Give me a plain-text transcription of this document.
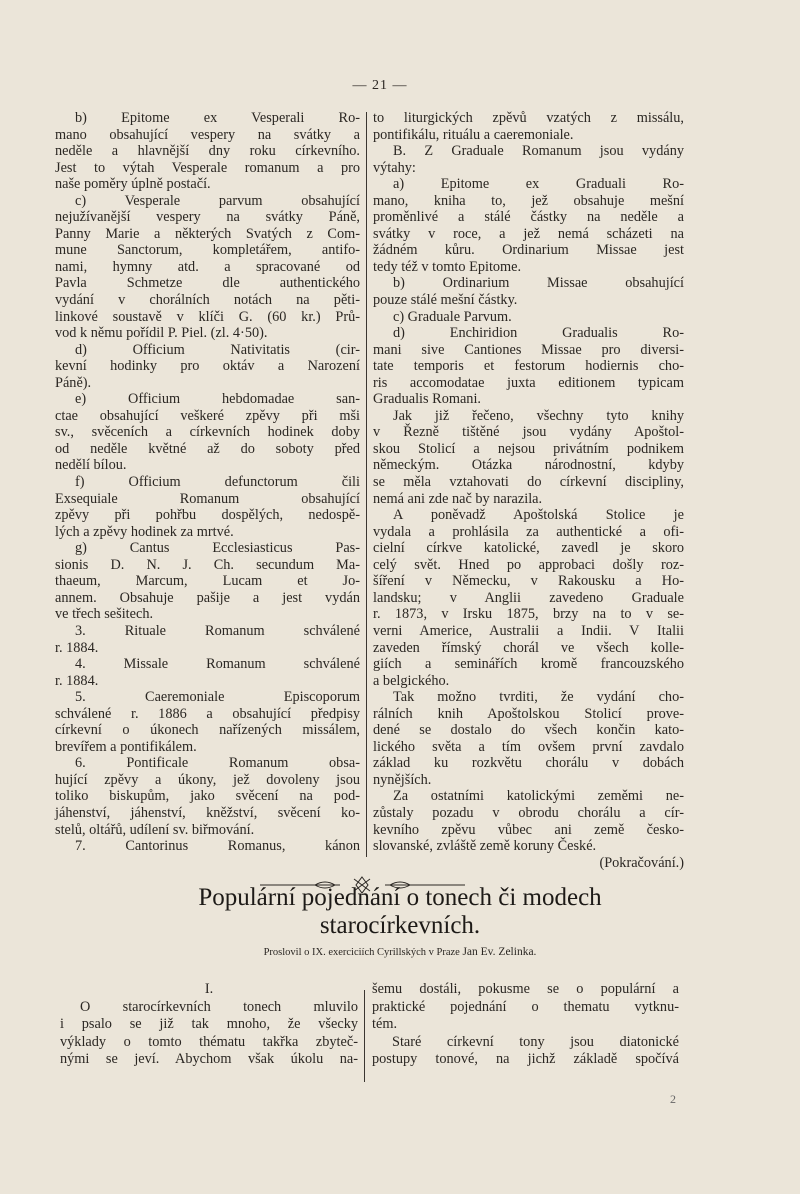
— 21 —
b) Epitome ex Vesperali Ro-
mano obsahující vespery na svátky a
neděle a hlavnější dny roku církevního.
Jest to výtah Vesperale romanum a pro
naše poměry úplně postačí.
c) Vesperale parvum obsahující
nejužívanější vespery na svátky Páně,
Panny Marie a některých Svatých z Com-
mune Sanctorum, kompletářem, antifo-
nami, hymny atd. a spracované od
Pavla Schmetze dle authentického
vydání v chorálních notách na pěti-
linkové soustavě v klíči G. (60 kr.) Prů-
vod k němu pořídil P. Piel. (zl. 4·50).
d) Officium Nativitatis (cir-
kevní hodinky pro oktáv a Narození
Páně).
e) Officium hebdomadae san-
ctae obsahující veškeré zpěvy při mši
sv., svěceních a církevních hodinek doby
od neděle květné až do soboty před
nedělí bílou.
f) Officium defunctorum čili
Exsequiale Romanum obsahující
zpěvy při pohřbu dospělých, nedospě-
lých a zpěvy hodinek za mrtvé.
g) Cantus Ecclesiasticus Pas-
sionis D. N. J. Ch. secundum Ma-
thaeum, Marcum, Lucam et Jo-
annem. Obsahuje pašije a jest vydán
ve třech sešitech.
3. Rituale Romanum schválené
r. 1884.
4. Missale Romanum schválené
r. 1884.
5. Caeremoniale Episcoporum
schválené r. 1886 a obsahující předpisy
církevní o úkonech nařízených missálem,
brevířem a pontifikálem.
6. Pontificale Romanum obsa-
hující zpěvy a úkony, jež dovoleny jsou
toliko biskupům, jako svěcení na pod-
jáhenství, jáhenství, kněžství, svěcení ko-
stelů, oltářů, udílení sv. biřmování.
7. Cantorinus Romanus, kánon
to liturgických zpěvů vzatých z missálu,
pontifikálu, rituálu a caeremoniale.
B. Z Graduale Romanum jsou vydány
výtahy:
a) Epitome ex Graduali Ro-
mano, kniha to, jež obsahuje mešní
proměnlivé a stálé částky na neděle a
svátky v roce, a jež nemá scházeti na
žádném kůru. Ordinarium Missae jest
tedy též v tomto Epitome.
b) Ordinarium Missae obsahující
pouze stálé mešní částky.
c) Graduale Parvum.
d) Enchiridion Gradualis Ro-
mani sive Cantiones Missae pro diversi-
tate temporis et festorum hodiernis cho-
ris accomodatae juxta editionem typicam
Gradualis Romani.
Jak již řečeno, všechny tyto knihy
v Řezně tištěné jsou vydány Apoštol-
skou Stolicí a nejsou privátním podnikem
německým. Otázka národnostní, kdyby
se měla vztahovati do církevní discipliny,
nemá ani zde nač by narazila.
A poněvadž Apoštolská Stolice je
vydala a prohlásila za authentické a ofi-
cielní církve katolické, zavedl je skoro
celý svět. Hned po approbaci došly roz-
šíření v Německu, v Rakousku a Ho-
landsku; v Anglii zavedeno Graduale
r. 1873, v Irsku 1875, brzy na to v se-
verni Americe, Australii a Indii. V Italii
zaveden římský chorál ve všech kolle-
giích a seminářích kromě francouzského
a belgického.
Tak možno tvrditi, že vydání cho-
rálních knih Apoštolskou Stolicí prove-
dené se dostalo do všech končin kato-
lického světa a tím ovšem první zavdalo
základ ku rozkvětu chorálu v dobách
nynějších.
Za ostatními katolickými zeměmi ne-
zůstaly pozadu v obrodu chorálu a cír-
kevního zpěvu vůbec ani země česko-
slovanské, zvláště země koruny České.
(Pokračování.)
Populární pojednání o tonech či modech
starocírkevních.
Proslovil o IX. exerciciích Cyrillských v Praze Jan Ev. Zelinka.
I.
O starocírkevních tonech mluvilo
i psalo se již tak mnoho, že všecky
výklady o tomto thématu takřka zbyteč-
nými se jeví. Abychom však úkolu na-
šemu dostáli, pokusme se o populární a
praktické pojednání o thematu vytknu-
tém.
Staré církevní tony jsou diatonické
postupy tonové, na jichž základě spočívá
2
